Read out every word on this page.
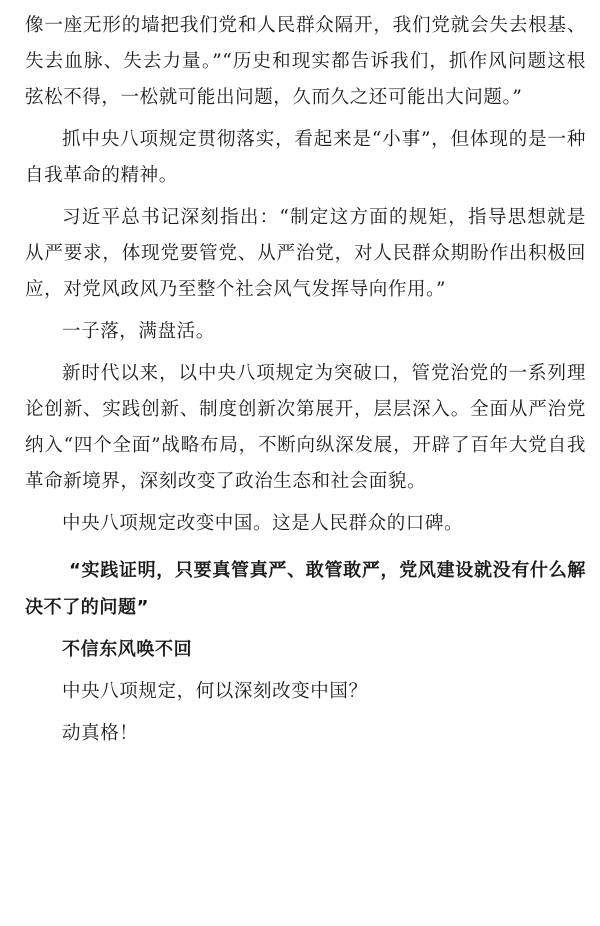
像一座无形的墙把我们党和人民群众隔开，我们党就会失去根基、失去血脉、失去力量。”“历史和现实都告诉我们，抓作风问题这根弦松不得，一松就可能出问题，久而久之还可能出大问题。”

抓中央八项规定贯彻落实，看起来是“小事”，但体现的是一种自我革命的精神。

习近平总书记深刻指出：“制定这方面的规矩，指导思想就是从严要求，体现党要管党、从严治党，对人民群众期盼作出积极回应，对党风政风乃至整个社会风气发挥导向作用。”

一子落，满盘活。

新时代以来，以中央八项规定为突破口，管党治党的一系列理论创新、实践创新、制度创新次第展开，层层深入。全面从严治党纳入“四个全面”战略布局，不断向纵深发展，开辟了百年大党自我革命新境界，深刻改变了政治生态和社会面貌。

中央八项规定改变中国。这是人民群众的口碑。

“实践证明，只要真管真严、敢管敢严，党风建设就没有什么解决不了的问题”

不信东风唤不回

中央八项规定，何以深刻改变中国？

动真格！
